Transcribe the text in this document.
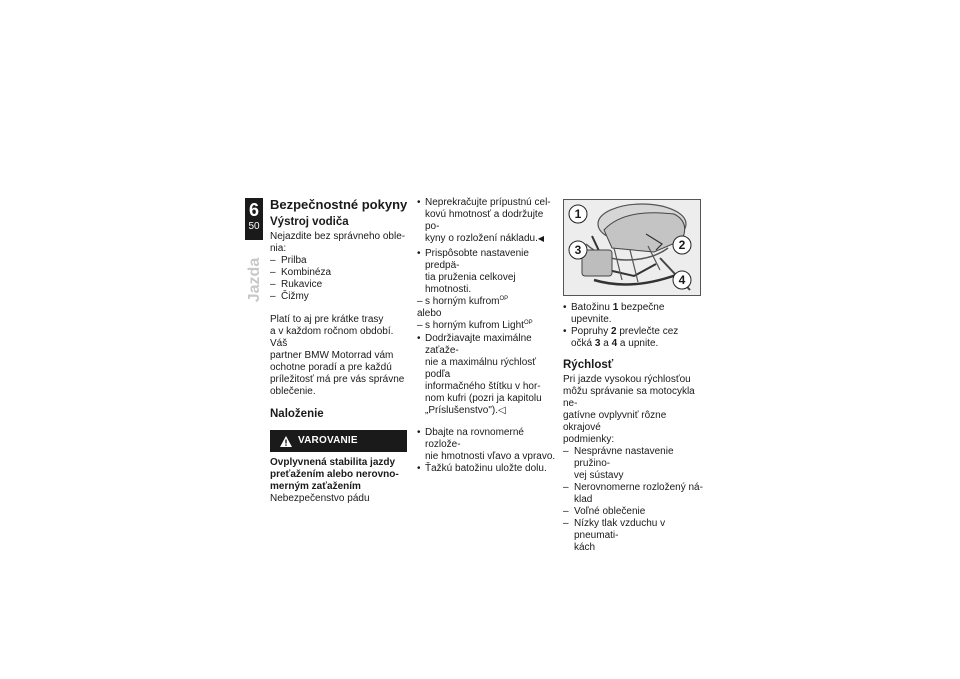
6
50
Jazda
Bezpečnostné pokyny
Výstroj vodiča

Nejazdite bez správneho oble-

nia:

– Prilba
– Kombinéza
– Rukavice
– Čižmy

Platí to aj pre krátke trasy

a v každom ročnom období. Váš

partner BMW Motorrad vám

ochotne poradí a pre každú

príležitosť má pre vás správne

oblečenie.

Naloženie
VAROVANIE

Ovplyvnená stabilita jazdy

preťažením alebo nerovno-

merným zaťažením

Nebezpečenstvo pádu

• Neprekračujte prípustnú cel-

kovú hmotnosť a dodržujte po-

kyny o rozložení nákladu.◀

• Prispôsobte nastavenie predpä-

tia pruženia celkovej hmotnosti.

– s horným kufrom$^{OP}$

alebo

– s horným kufrom Light$^{OP}$

• Dodržiavajte maximálne zaťaže-

nie a maximálnu rýchlosť podľa

informačného štítku v hor-

nom kufri (pozri ja kapitolu

„Príslušenstvo").◁

• Dbajte na rovnomerné rozlože-

nie hmotnosti vľavo a vpravo.

• Ťažkú batožinu uložte dolu.

1
2
3
4

• Batožinu 1 bezpečne upevnite.

• Popruhy 2 prevlečte cez

očká 3 a 4 a upnite.

Rýchlosť

Pri jazde vysokou rýchlosťou

môžu správanie sa motocykla ne-

gatívne ovplyvniť rôzne okrajové

podmienky:

– Nesprávne nastavenie pružino-

vej sústavy

– Nerovnomerne rozložený ná-

klad

– Voľné oblečenie

– Nízky tlak vzduchu v pneumati-

kách
